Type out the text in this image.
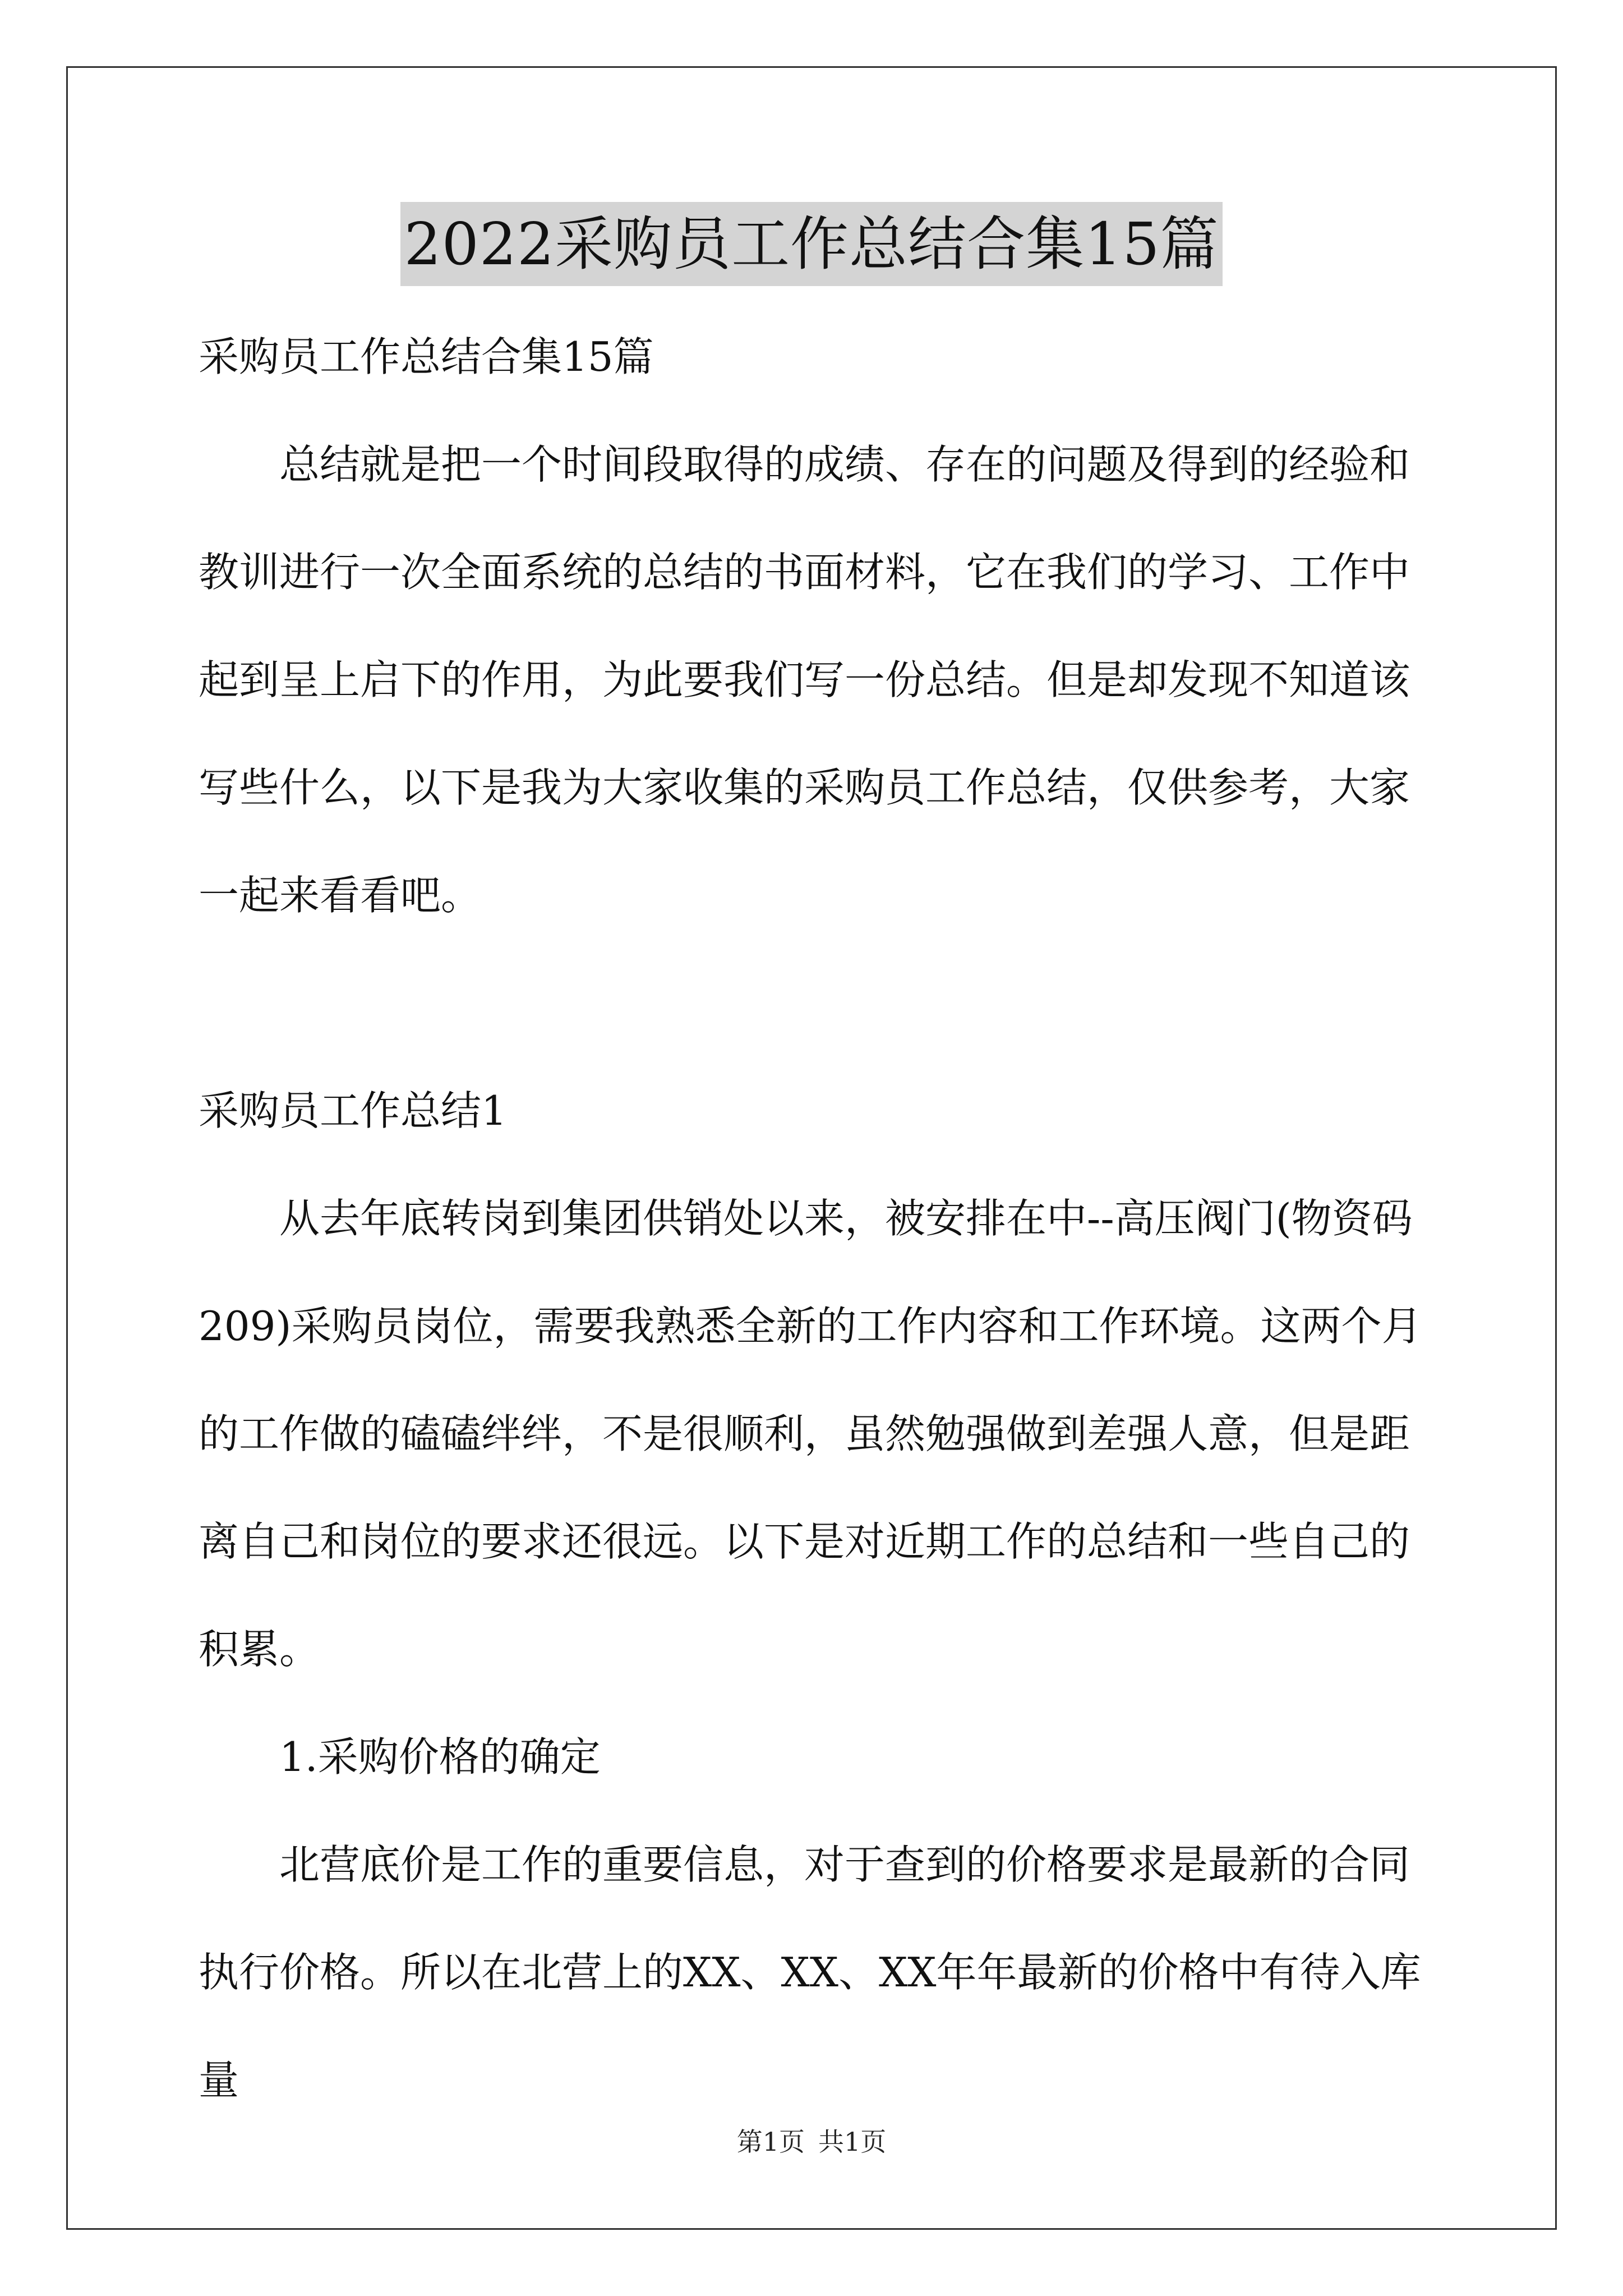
2022采购员工作总结合集15篇

采购员工作总结合集15篇

总结就是把一个时间段取得的成绩、存在的问题及得到的经验和教训进行一次全面系统的总结的书面材料，它在我们的学习、工作中起到呈上启下的作用，为此要我们写一份总结。但是却发现不知道该写些什么，以下是我为大家收集的采购员工作总结，仅供参考，大家一起来看看吧。

采购员工作总结1

从去年底转岗到集团供销处以来，被安排在中--高压阀门(物资码209)采购员岗位，需要我熟悉全新的工作内容和工作环境。这两个月的工作做的磕磕绊绊，不是很顺利，虽然勉强做到差强人意，但是距离自己和岗位的要求还很远。以下是对近期工作的总结和一些自己的积累。

1.采购价格的确定

北营底价是工作的重要信息，对于查到的价格要求是最新的合同执行价格。所以在北营上的XX、XX、XX年年最新的价格中有待入库量

第1页 共1页
